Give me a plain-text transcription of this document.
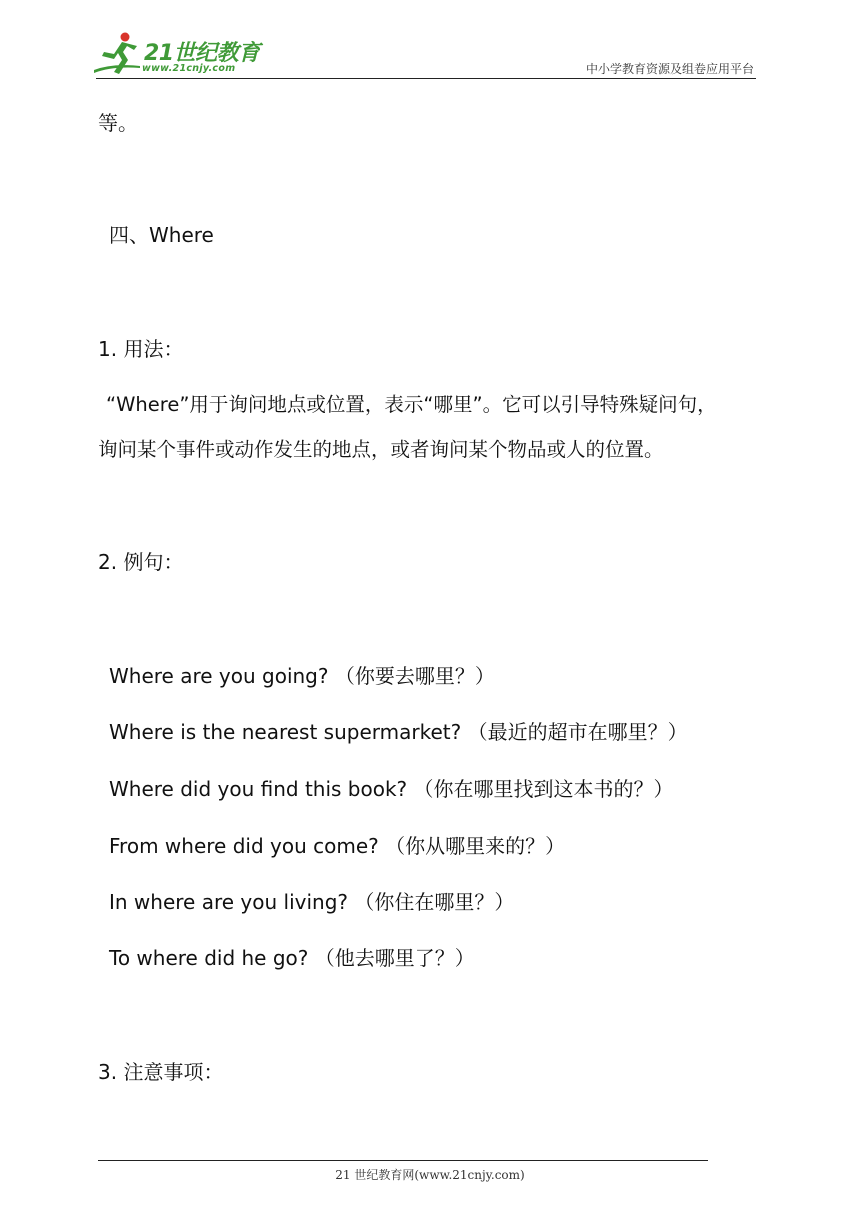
21世纪教育
www.21cnjy.com	中小学教育资源及组卷应用平台
等。
四、Where
1. 用法：
“Where”用于询问地点或位置，表示“哪里”。它可以引导特殊疑问句，
询问某个事件或动作发生的地点，或者询问某个物品或人的位置。
2. 例句：
Where are you going? （你要去哪里？）
Where is the nearest supermarket? （最近的超市在哪里？）
Where did you find this book? （你在哪里找到这本书的？）
From where did you come? （你从哪里来的？）
In where are you living? （你住在哪里？）
To where did he go? （他去哪里了？）
3. 注意事项：
21 世纪教育网(www.21cnjy.com)
